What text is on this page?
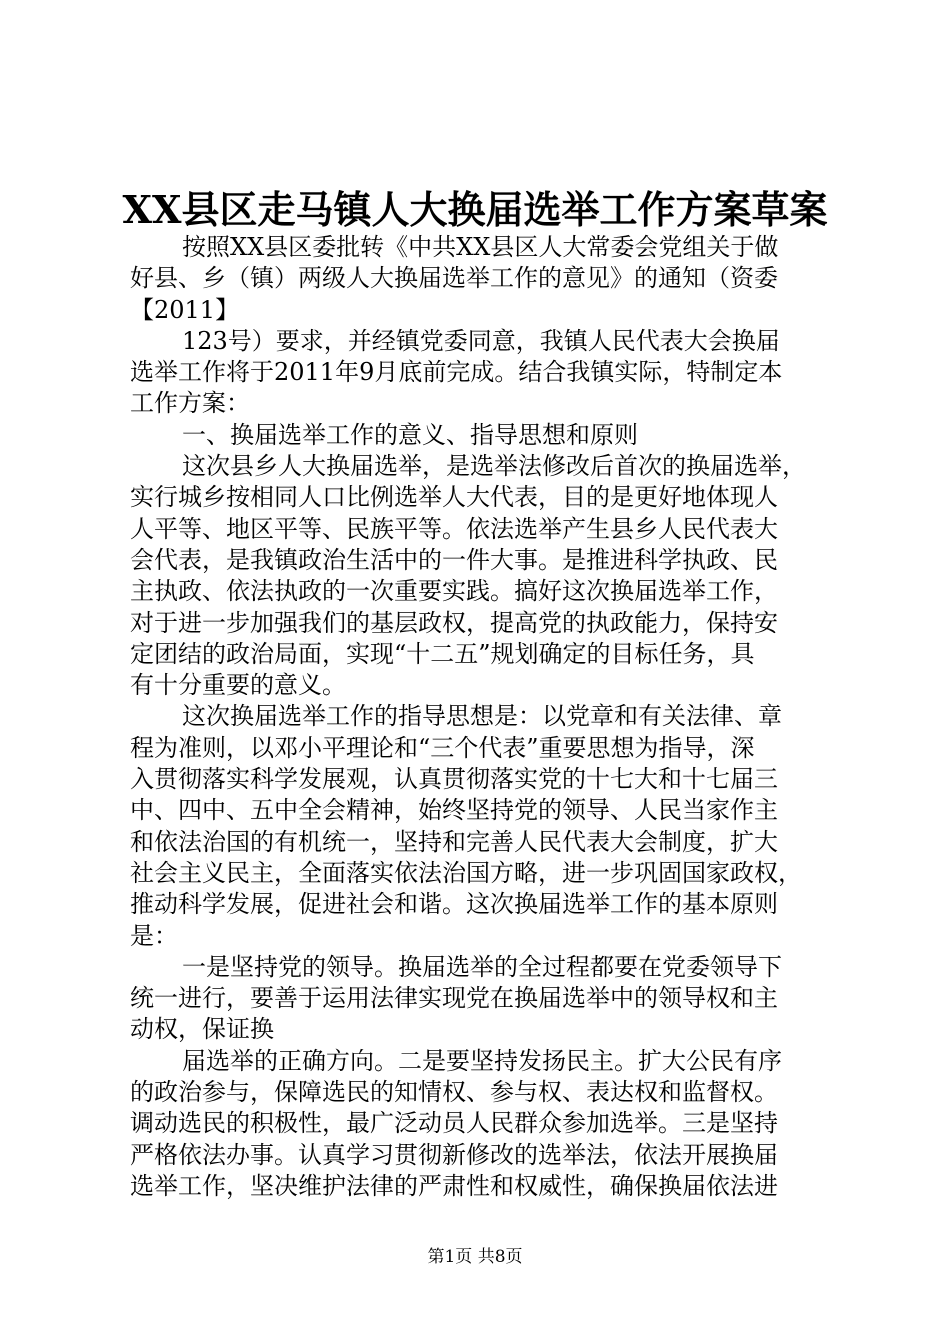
XX县区走马镇人大换届选举工作方案草案
按照XX县区委批转《中共XX县区人大常委会党组关于做
好县、乡（镇）两级人大换届选举工作的意见》的通知（资委
【2011】
123号）要求，并经镇党委同意，我镇人民代表大会换届
选举工作将于2011年9月底前完成。结合我镇实际，特制定本
工作方案：
一、换届选举工作的意义、指导思想和原则
这次县乡人大换届选举，是选举法修改后首次的换届选举，
实行城乡按相同人口比例选举人大代表，目的是更好地体现人
人平等、地区平等、民族平等。依法选举产生县乡人民代表大
会代表，是我镇政治生活中的一件大事。是推进科学执政、民
主执政、依法执政的一次重要实践。搞好这次换届选举工作，
对于进一步加强我们的基层政权，提高党的执政能力，保持安
定团结的政治局面，实现“十二五”规划确定的目标任务，具
有十分重要的意义。
这次换届选举工作的指导思想是：以党章和有关法律、章
程为准则，以邓小平理论和“三个代表”重要思想为指导，深
入贯彻落实科学发展观，认真贯彻落实党的十七大和十七届三
中、四中、五中全会精神，始终坚持党的领导、人民当家作主
和依法治国的有机统一，坚持和完善人民代表大会制度，扩大
社会主义民主，全面落实依法治国方略，进一步巩固国家政权，
推动科学发展，促进社会和谐。这次换届选举工作的基本原则
是：
一是坚持党的领导。换届选举的全过程都要在党委领导下
统一进行，要善于运用法律实现党在换届选举中的领导权和主
动权，保证换
届选举的正确方向。二是要坚持发扬民主。扩大公民有序
的政治参与，保障选民的知情权、参与权、表达权和监督权。
调动选民的积极性，最广泛动员人民群众参加选举。三是坚持
严格依法办事。认真学习贯彻新修改的选举法，依法开展换届
选举工作，坚决维护法律的严肃性和权威性，确保换届依法进
第1页 共8页
